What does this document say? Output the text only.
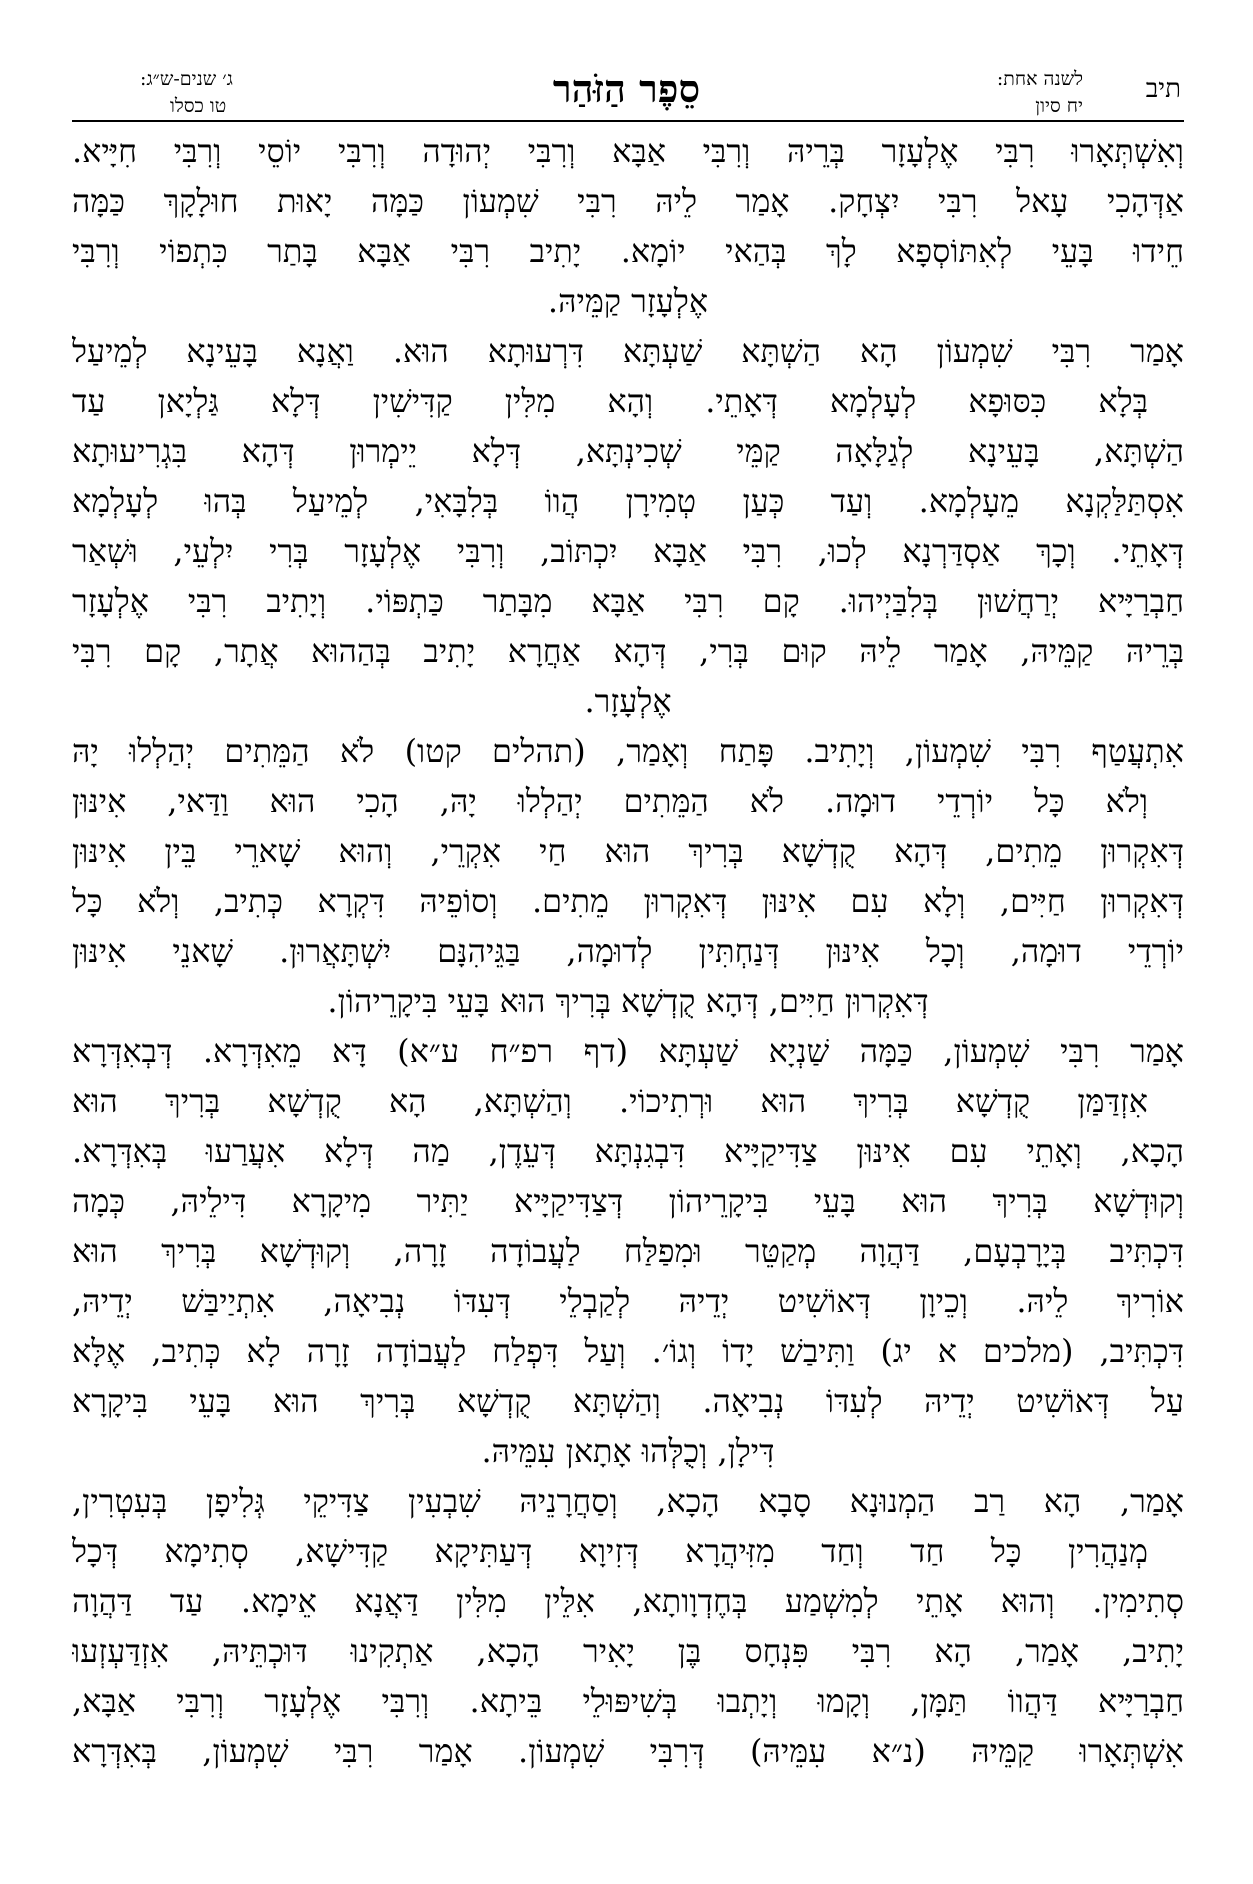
תיב
לשנה אחת:
יח סיון
סֵפֶר הַזֹּהַר
ג׳ שנים-ש״ג:
טו כסלו
וְאִשְׁתְּאָרוּ רִבִּי אֶלְעָזָר בְּרֵיהּ וְרִבִּי אַבָּא וְרִבִּי יְהוּדָה וְרִבִּי יוֹסֵי וְרִבִּי חִיָּיא.
אַדְּהָכִי עָאל רִבִּי יִצְחָק. אָמַר לֵיהּ רִבִּי שִׁמְעוֹן כַּמָּה יָאוּת חוּלָקָךְ כַּמָּה
חֵידוּ בָּעֵי לְאִתּוֹסְפָא לָךְ בְּהַאי יוֹמָא. יָתִיב רִבִּי אַבָּא בָּתַר כִּתְפוֹי וְרִבִּי
אֶלְעָזָר קַמֵּיהּ.
אָמַר רִבִּי שִׁמְעוֹן הָא הַשְׁתָּא שַׁעְתָּא דִּרְעוּתָא הוּא. וַאֲנָא בָּעֵינָא לְמֵיעַל
בְּלָא כִּסּוּפָא לְעָלְמָא דְּאָתֵי. וְהָא מִלִּין קַדִּישִׁין דְּלָא גַּלְיָאן עַד
הַשְׁתָּא, בָּעֵינָא לְגַלָּאָה קַמֵּי שְׁכִינְתָּא, דְּלָא יֵימְרוּן דְּהָא בִּגְרִיעוּתָא
אִסְתַּלַּקְנָא מֵעָלְמָא. וְעַד כְּעַן טְמִירָן הֲווֹ בְּלִבָּאִי, לְמֵיעַל בְּהוּ לְעָלְמָא
דְּאָתֵי. וְכָךְ אַסְדַּרְנָא לְכוּ, רִבִּי אַבָּא יִכְתּוֹב, וְרִבִּי אֶלְעָזָר בְּרִי יִלְעֵי, וּשְׁאַר
חַבְרַיָּיא יְרַחֲשׁוּן בְּלִבַּיְיהוּ. קָם רִבִּי אַבָּא מִבָּתַר כַּתְפּוֹי. וְיָתִיב רִבִּי אֶלְעָזָר
בְּרֵיהּ קַמֵּיהּ, אָמַר לֵיהּ קוּם בְּרִי, דְּהָא אַחֲרָא יָתִיב בְּהַהוּא אֲתָר, קָם רִבִּי
אֶלְעָזָר.
אִתְעֲטַף רִבִּי שִׁמְעוֹן, וְיָתִיב. פָּתַח וְאָמַר, (תהלים קטו) לֹא הַמֵּתִים יְהַלְלוּ יָהּ
וְלֹא כָּל יוֹרְדֵי דוּמָה. לֹא הַמֵּתִים יְהַלְלוּ יָהּ, הָכִי הוּא וַדַּאי, אִינּוּן
דְּאִקְרוּן מֵתִים, דְּהָא קֻדְשָׁא בְּרִיךְ הוּא חַי אִקְרֵי, וְהוּא שָׁארֵי בֵּין אִינּוּן
דְּאִקְרוּן חַיִּים, וְלָא עִם אִינּוּן דְּאִקְרוּן מֵתִים. וְסוֹפֵיהּ דִּקְרָא כְּתִיב, וְלֹא כָּל
יוֹרְדֵי דוּמָה, וְכָל אִינּוּן דְּנַחְתִּין לְדוּמָה, בַּגֵּיהִנָּם יִשְׁתָּאֲרוּן. שָׁאנֵי אִינּוּן
דְּאִקְרוּן חַיִּים, דְּהָא קֻדְשָׁא בְּרִיךְ הוּא בָּעֵי בִּיקָרֵיהוֹן.
אָמַר רִבִּי שִׁמְעוֹן, כַּמָּה שַׁנְיָא שַׁעְתָּא (דף רפ״ח ע״א) דָּא מֵאִדְּרָא. דְּבְאִדְּרָא
אִזְדַּמַּן קֻדְשָׁא בְּרִיךְ הוּא וּרְתִיכוֹי. וְהַשְׁתָּא, הָא קֻדְשָׁא בְּרִיךְ הוּא
הָכָא, וְאָתֵי עִם אִינּוּן צַדִּיקַיָּיא דִּבְגִנְתָּא דְּעֵדֶן, מַה דְּלָא אִעֲרַעוּ בְּאִדְּרָא.
וְקוּדְשָׁא בְּרִיךְ הוּא בָּעֵי בִּיקָרֵיהוֹן דְּצַדִּיקַיָּיא יַתִּיר מִיקָרָא דִּילֵיהּ, כְּמָה
דִּכְתִּיב בְּיָרָבְעָם, דַּהֲוָה מְקַטֵּר וּמִפַלַּח לַעֲבוֹדָה זָרָה, וְקוּדְשָׁא בְּרִיךְ הוּא
אוֹרִיךְ לֵיהּ. וְכֵיוָן דְּאוֹשִׁיט יְדֵיהּ לְקַבְלֵי דְּעִדּוֹ נְבִיאָה, אִתְיַיבַּשׁ יְדֵיהּ,
דִּכְתִּיב, (מלכים א יג) וַתִּיבַשׁ יָדוֹ וְגוֹ׳. וְעַל דִּפְלַח לַעֲבוֹדָה זָרָה לָא כְּתִיב, אֶלָּא
עַל דְּאוֹשִׁיט יְדֵיהּ לְעִדּוֹ נְבִיאָה. וְהַשְׁתָּא קֻדְשָׁא בְּרִיךְ הוּא בָּעֵי בִּיקָרָא
דִּילָן, וְכֻלְּהוּ אָתָאן עִמֵּיהּ.
אָמַר, הָא רַב הַמְנוּנָא סָבָא הָכָא, וְסַחֲרָנֵיהּ שִׁבְעִין צַדִּיקֵי גְּלִיפָן בְּעִטְרִין,
מְנַהֲרִין כָּל חַד וְחַד מִזִּיהֲרָא דְּזִיוָא דְּעַתִּיקָא קַדִּישָׁא, סְתִימָא דְּכָל
סְתִימִין. וְהוּא אָתֵי לְמִשְׁמַע בְּחֶדְוָותָא, אִלֵּין מִלִּין דַּאֲנָא אֵימָא. עַד דַּהֲוָה
יָתִיב, אָמַר, הָא רִבִּי פִּנְחָס בֶּן יָאִיר הָכָא, אַתְקִינוּ דּוּכְתֵּיהּ, אִזְדַּעְזְעוּ
חַבְרַיָּיא דַּהֲווֹ תַּמָּן, וְקָמוּ וְיָתְבוּ בְּשִׁיפּוּלֵי בֵּיתָא. וְרִבִּי אֶלְעָזָר וְרִבִּי אַבָּא,
אִשְׁתְּאָרוּ קַמֵּיהּ (נ״א עִמֵּיהּ) דְּרִבִּי שִׁמְעוֹן. אָמַר רִבִּי שִׁמְעוֹן, בְּאִדְּרָא
